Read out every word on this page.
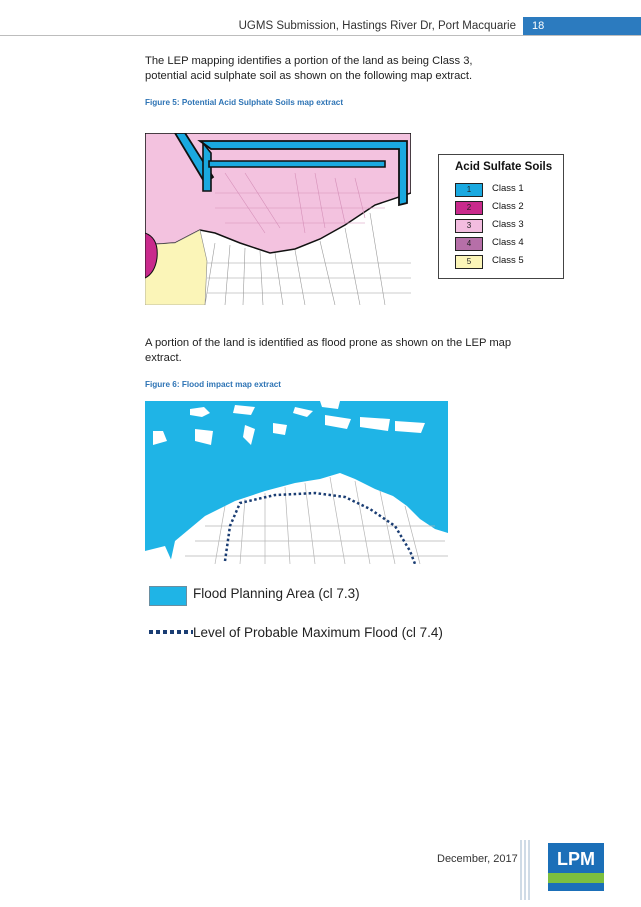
UGMS Submission, Hastings River Dr, Port Macquarie	18
The LEP mapping identifies a portion of the land as being Class 3, potential acid sulphate soil as shown on the following map extract.
Figure 5: Potential Acid Sulphate Soils map extract
Acid Sulfate Soils
1	Class 1
2	Class 2
3	Class 3
4	Class 4
5	Class 5
A portion of the land is identified as flood prone as shown on the LEP map extract.
Figure 6: Flood impact map extract
Flood Planning Area (cl 7.3)
Level of Probable Maximum Flood (cl 7.4)
December, 2017 LPM
